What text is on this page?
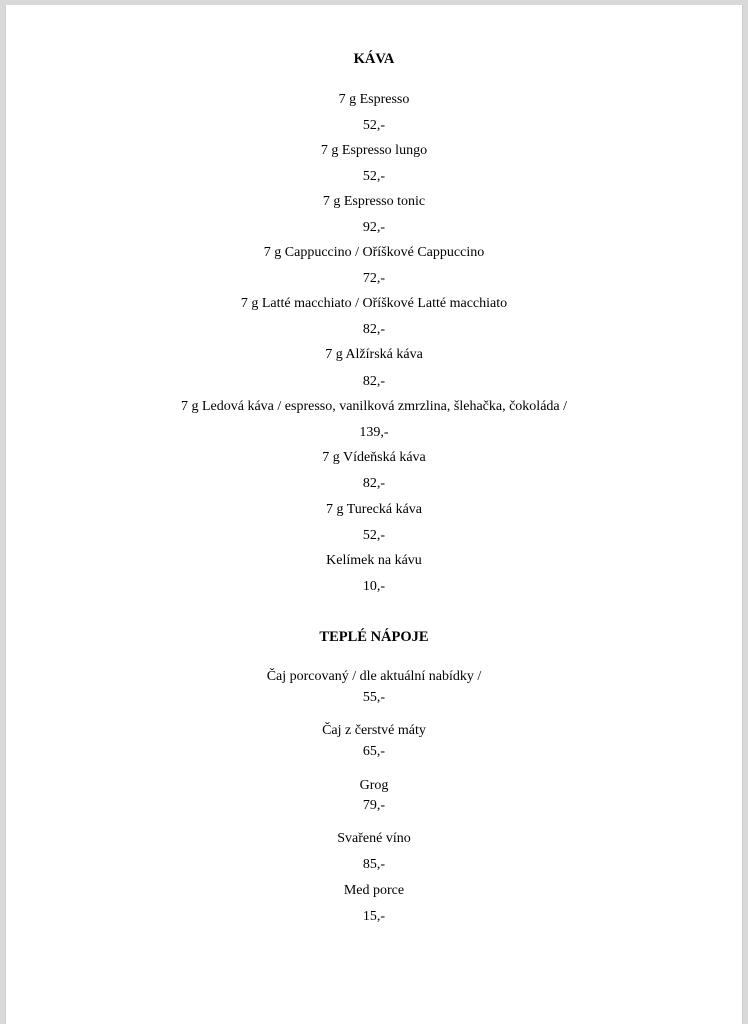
KÁVA
7 g Espresso
52,-
7 g Espresso lungo
52,-
7 g Espresso tonic
92,-
7 g Cappuccino / Oříškové Cappuccino
72,-
7 g Latté macchiato / Oříškové Latté macchiato
82,-
7 g Alžírská káva
82,-
7 g Ledová káva / espresso, vanilková zmrzlina, šlehačka, čokoláda /
139,-
7 g Vídeňská káva
82,-
7 g Turecká káva
52,-
Kelímek na kávu
10,-
TEPLÉ NÁPOJE
Čaj porcovaný / dle aktuální nabídky /
55,-
Čaj z čerstvé máty
65,-
Grog
79,-
Svařené víno
85,-
Med porce
15,-
